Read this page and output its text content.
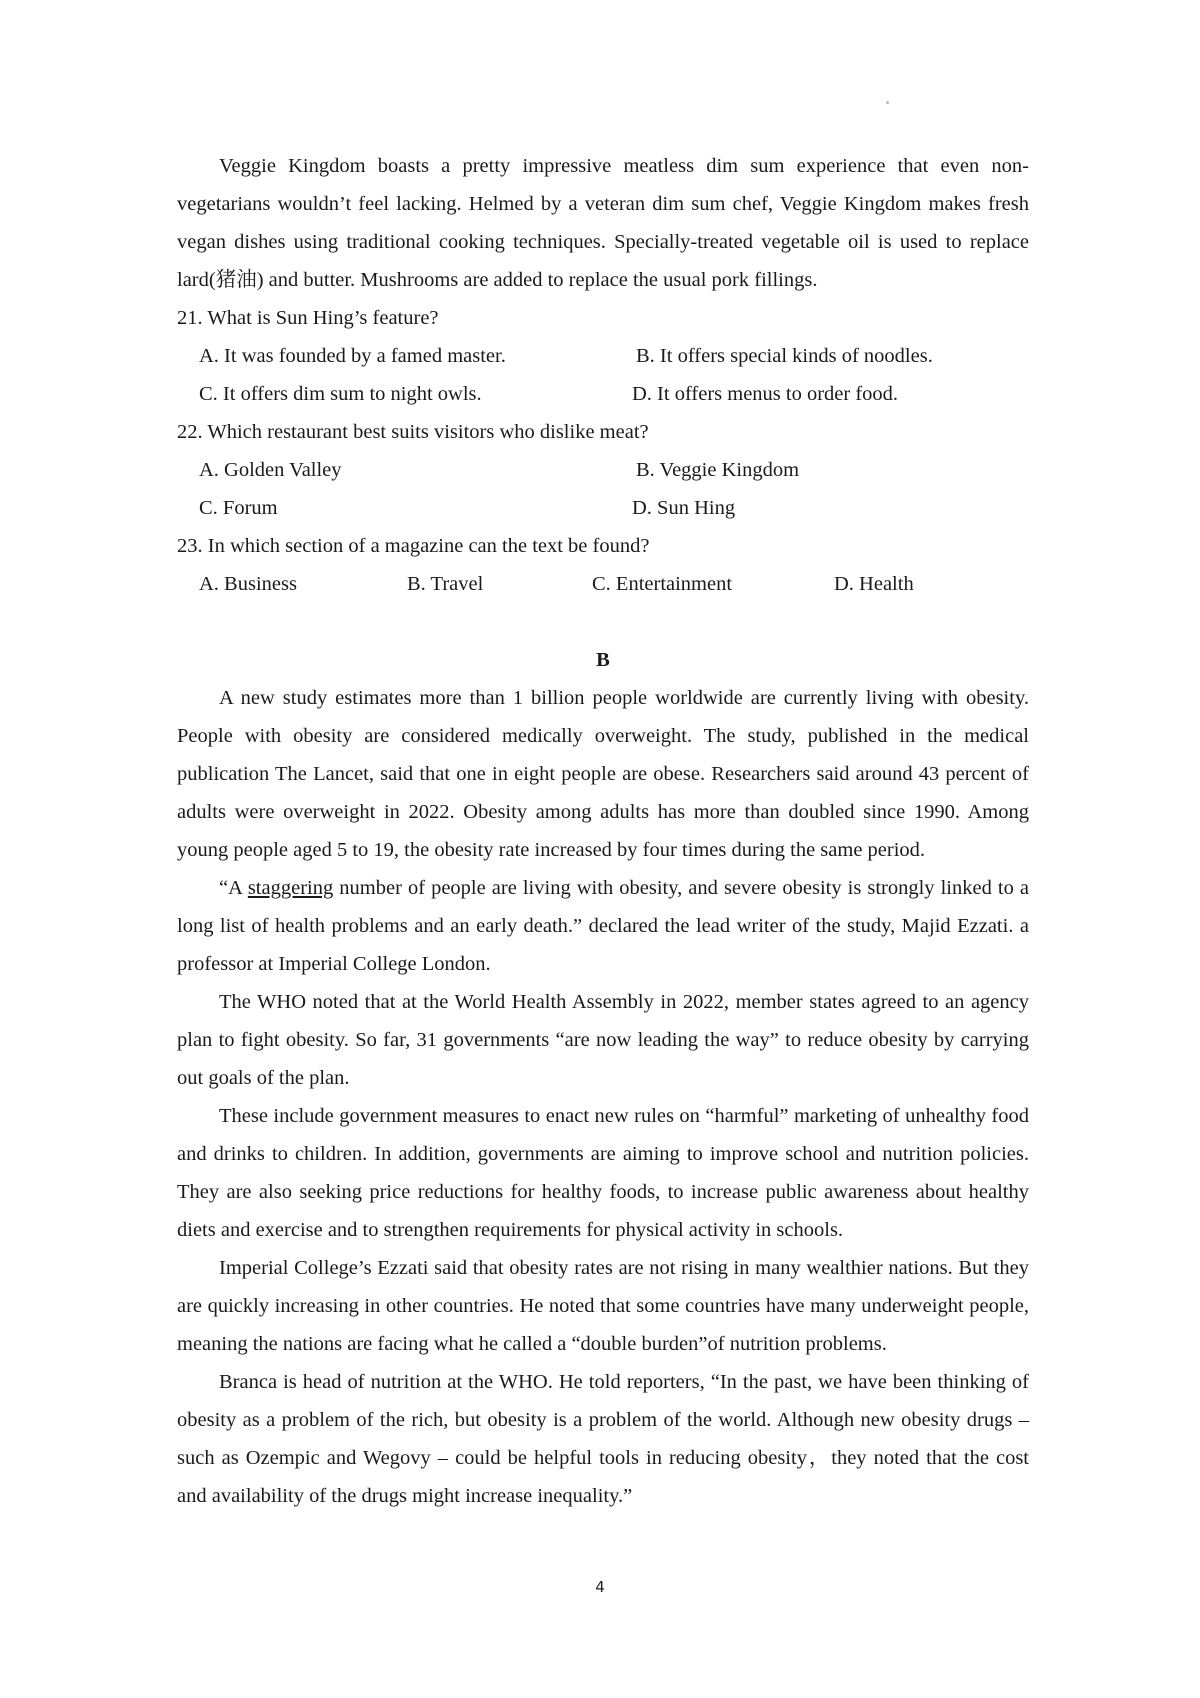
Veggie Kingdom boasts a pretty impressive meatless dim sum experience that even non-vegetarians wouldn’t feel lacking. Helmed by a veteran dim sum chef, Veggie Kingdom makes fresh vegan dishes using traditional cooking techniques. Specially-treated vegetable oil is used to replace lard(猪油) and butter. Mushrooms are added to replace the usual pork fillings.

21. What is Sun Hing’s feature?

A. It was founded by a famed master.	B. It offers special kinds of noodles.
C. It offers dim sum to night owls.	D. It offers menus to order food.

22. Which restaurant best suits visitors who dislike meat?

A. Golden Valley	B. Veggie Kingdom
C. Forum	D. Sun Hing

23. In which section of a magazine can the text be found?

A. Business	B. Travel	C. Entertainment	D. Health

B

A new study estimates more than 1 billion people worldwide are currently living with obesity. People with obesity are considered medically overweight. The study, published in the medical publication The Lancet, said that one in eight people are obese. Researchers said around 43 percent of adults were overweight in 2022. Obesity among adults has more than doubled since 1990. Among young people aged 5 to 19, the obesity rate increased by four times during the same period.

“A staggering number of people are living with obesity, and severe obesity is strongly linked to a long list of health problems and an early death.” declared the lead writer of the study, Majid Ezzati. a professor at Imperial College London.

The WHO noted that at the World Health Assembly in 2022, member states agreed to an agency plan to fight obesity. So far, 31 governments “are now leading the way” to reduce obesity by carrying out goals of the plan.

These include government measures to enact new rules on “harmful” marketing of unhealthy food and drinks to children. In addition, governments are aiming to improve school and nutrition policies. They are also seeking price reductions for healthy foods, to increase public awareness about healthy diets and exercise and to strengthen requirements for physical activity in schools.

Imperial College’s Ezzati said that obesity rates are not rising in many wealthier nations. But they are quickly increasing in other countries. He noted that some countries have many underweight people, meaning the nations are facing what he called a “double burden”of nutrition problems.

Branca is head of nutrition at the WHO. He told reporters, “In the past, we have been thinking of obesity as a problem of the rich, but obesity is a problem of the world. Although new obesity drugs – such as Ozempic and Wegovy – could be helpful tools in reducing obesity，they noted that the cost and availability of the drugs might increase inequality.”

4
